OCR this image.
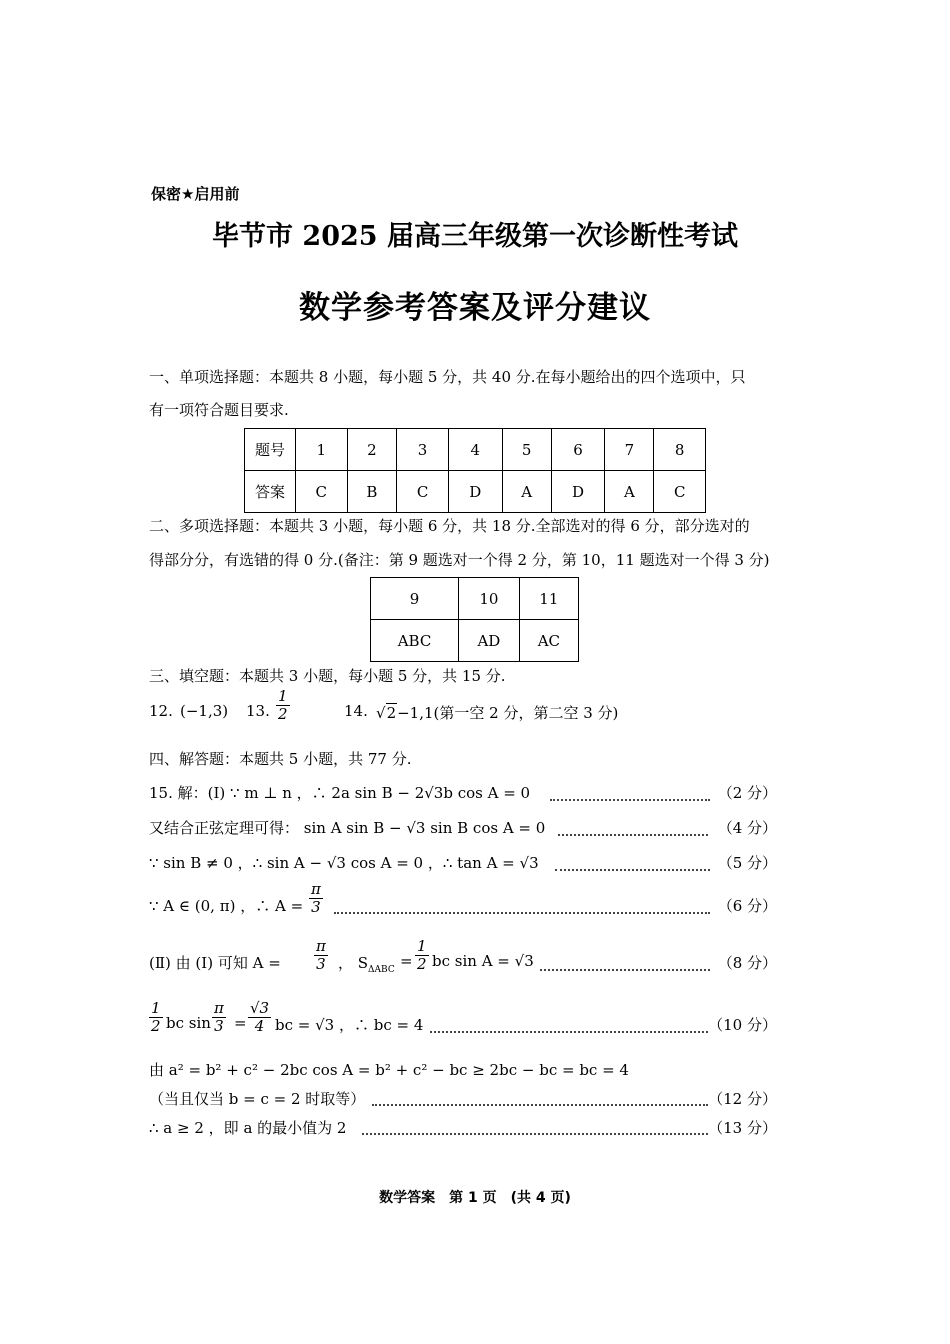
保密★启用前
毕节市 2025 届高三年级第一次诊断性考试
数学参考答案及评分建议
一、单项选择题：本题共 8 小题，每小题 5 分，共 40 分.在每小题给出的四个选项中，只
有一项符合题目要求.
题号	1	2	3	4	5	6	7	8
答案	C	B	C	D	A	D	A	C
二、多项选择题：本题共 3 小题，每小题 6 分，共 18 分.全部选对的得 6 分，部分选对的
得部分分，有选错的得 0 分.(备注：第 9 题选对一个得 2 分，第 10，11 题选对一个得 3 分)
9	10	11
ABC	AD	AC
三、填空题：本题共 3 小题，每小题 5 分，共 15 分.
12. (−1,3) 13. $\frac{1}{2}$	14. √2−1,1(第一空 2 分，第二空 3 分)
四、解答题：本题共 5 小题，共 77 分.
15. 解：(Ⅰ) ∵ m ⊥ n ，∴ 2a sin B − 2√3b cos A = 0	（2 分）
又结合正弦定理可得： sin A sin B − √3 sin B cos A = 0	（4 分）
∵ sin B ≠ 0 ，∴ sin A − √3 cos A = 0 ，∴ tan A = √3	（5 分）
∵ A ∈ (0, π) ，∴ $A = \frac{\pi}{3}$	（6 分）
(Ⅱ) 由 (Ⅰ) 可知 $A = \frac{\pi}{3}$ ， $S_{\Delta ABC} = \frac{1}{2}$ bc sin A = √3	（8 分）
$\frac{1}{2}$ bc $\sin \frac{\pi}{3} = \frac{√3}{4}$ bc = √3 ，∴ bc = 4	（10 分）
由 a² = b² + c² − 2bc cos A = b² + c² − bc ≥ 2bc − bc = bc = 4
（当且仅当 b = c = 2 时取等）	（12 分）
∴ a ≥ 2 ，即 a 的最小值为 2	（13 分）
数学答案　第 1 页　(共 4 页)
